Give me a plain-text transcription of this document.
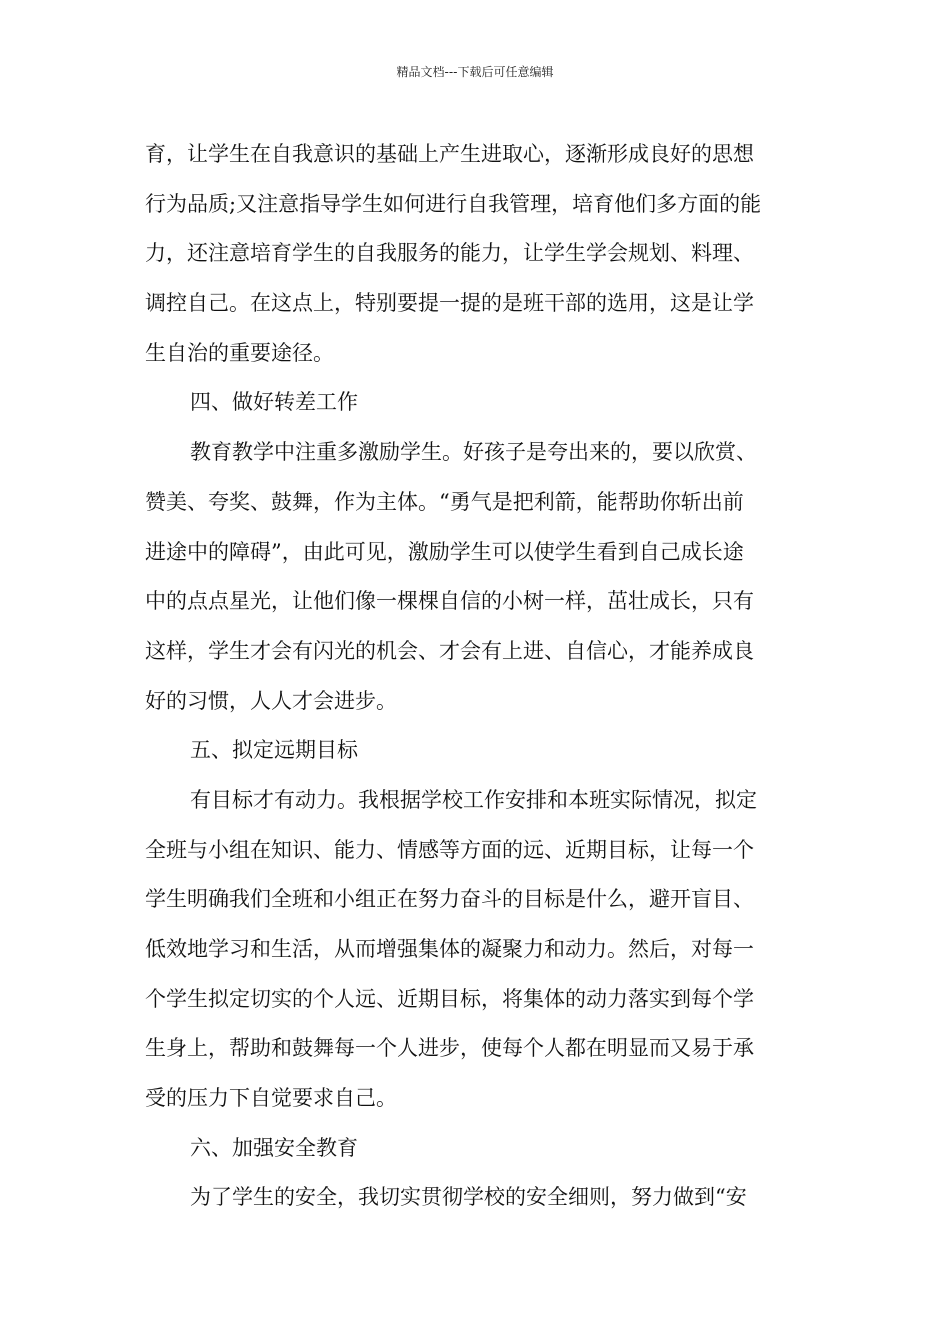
精品文档---下载后可任意编辑
育，让学生在自我意识的基础上产生进取心，逐渐形成良好的思想
行为品质;又注意指导学生如何进行自我管理，培育他们多方面的能
力，还注意培育学生的自我服务的能力，让学生学会规划、料理、
调控自己。在这点上，特别要提一提的是班干部的选用，这是让学
生自治的重要途径。
四、做好转差工作
教育教学中注重多激励学生。好孩子是夸出来的，要以欣赏、
赞美、夸奖、鼓舞，作为主体。“勇气是把利箭，能帮助你斩出前
进途中的障碍”，由此可见，激励学生可以使学生看到自己成长途
中的点点星光，让他们像一棵棵自信的小树一样，茁壮成长，只有
这样，学生才会有闪光的机会、才会有上进、自信心，才能养成良
好的习惯，人人才会进步。
五、拟定远期目标
有目标才有动力。我根据学校工作安排和本班实际情况，拟定
全班与小组在知识、能力、情感等方面的远、近期目标，让每一个
学生明确我们全班和小组正在努力奋斗的目标是什么，避开盲目、
低效地学习和生活，从而增强集体的凝聚力和动力。然后，对每一
个学生拟定切实的个人远、近期目标，将集体的动力落实到每个学
生身上，帮助和鼓舞每一个人进步，使每个人都在明显而又易于承
受的压力下自觉要求自己。
六、加强安全教育
为了学生的安全，我切实贯彻学校的安全细则，努力做到“安
